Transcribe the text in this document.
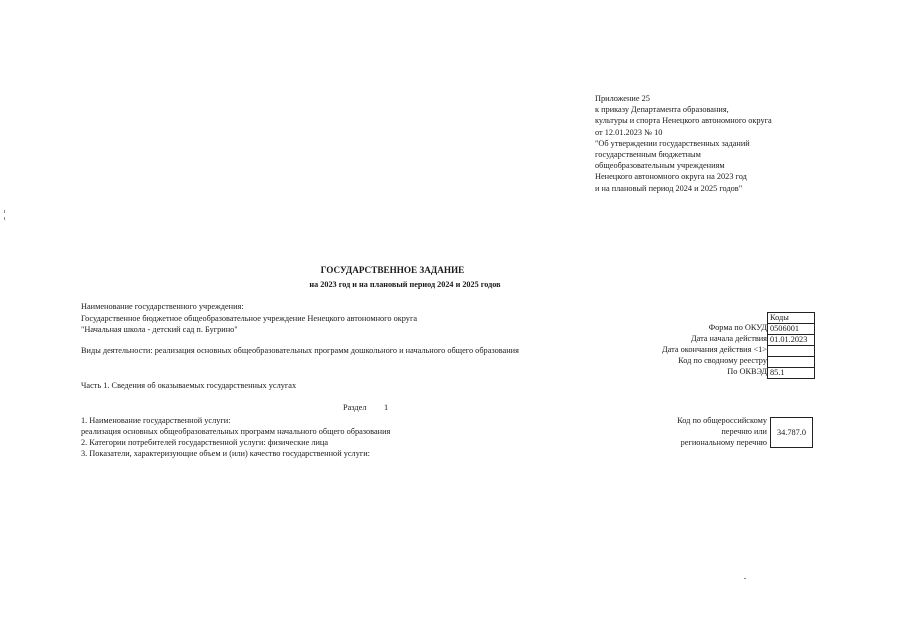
Приложение 25
к приказу Департамента образования,
культуры и спорта Ненецкого автономного округа
от 12.01.2023 № 10
"Об утверждении государственных заданий
государственным бюджетным
общеобразовательным учреждениям
Ненецкого автономного округа на 2023 год
и на плановый период 2024 и 2025 годов"
ГОСУДАРСТВЕННОЕ ЗАДАНИЕ
на 2023 год и на плановый период 2024 и 2025 годов
Наименование государственного учреждения:
Государственное бюджетное общеобразовательное учреждение Ненецкого автономного округа
"Начальная школа - детский сад п. Бугрино"
Виды деятельности: реализация основных общеобразовательных программ дошкольного и начального общего образования
Коды
Форма по ОКУД 0506001
Дата начала действия 01.01.2023
Дата окончания действия <1>
Код по сводному реестру
По ОКВЭД 85.1
Часть 1. Сведения об оказываемых государственных услугах
Раздел 1
1. Наименование государственной услуги:
реализация основных общеобразовательных программ начального общего образования
2. Категории потребителей государственной услуги: физические лица
3. Показатели, характеризующие объем и (или) качество государственной услуги:
Код по общероссийскому
перечню или
региональному перечню
34.787.0
